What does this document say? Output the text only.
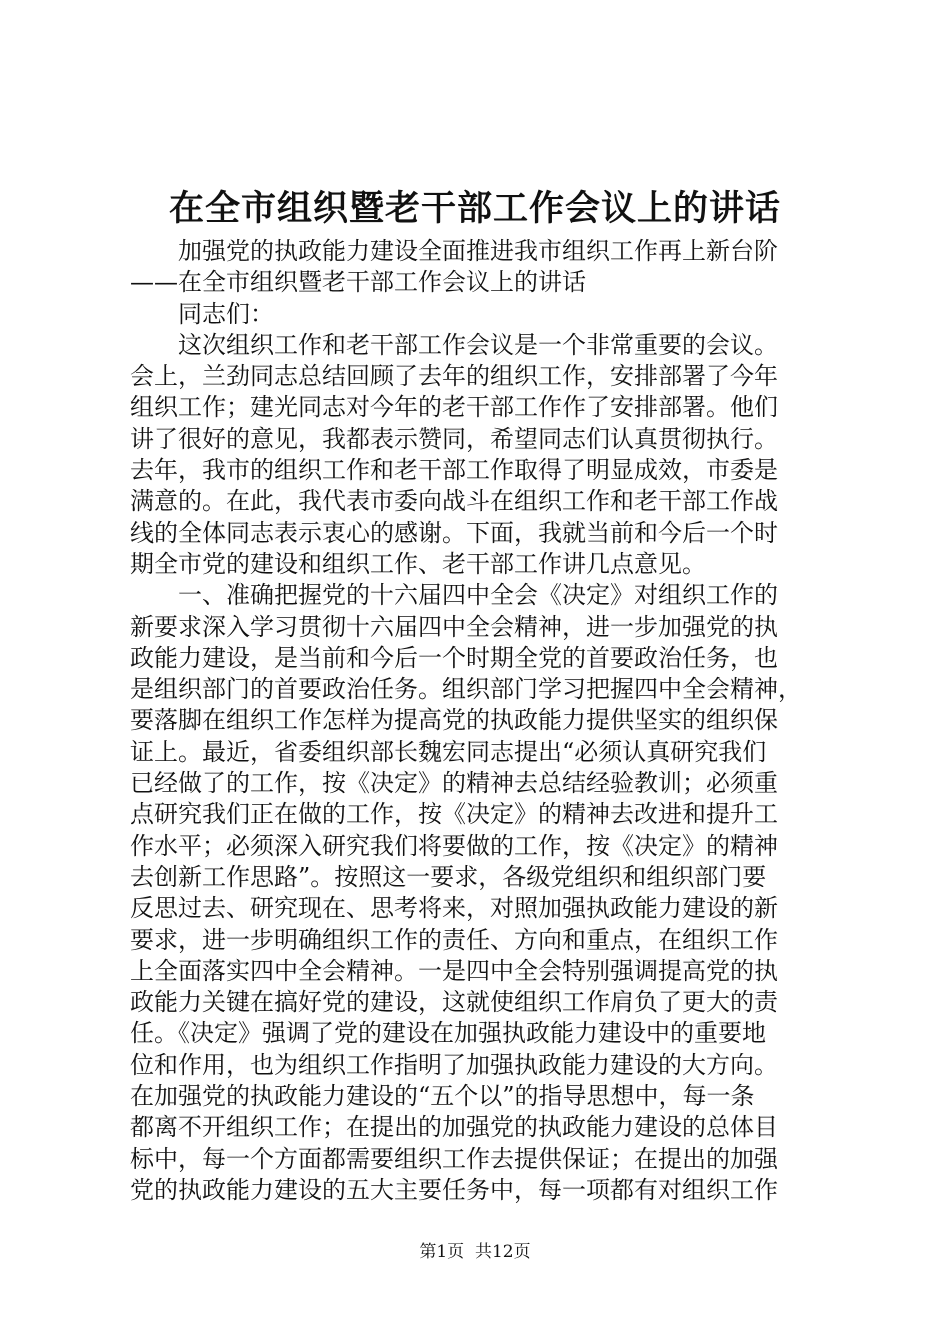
在全市组织暨老干部工作会议上的讲话
　　加强党的执政能力建设全面推进我市组织工作再上新台阶
——在全市组织暨老干部工作会议上的讲话
　　同志们：
　　这次组织工作和老干部工作会议是一个非常重要的会议。
会上，兰劲同志总结回顾了去年的组织工作，安排部署了今年
组织工作；建光同志对今年的老干部工作作了安排部署。他们
讲了很好的意见，我都表示赞同，希望同志们认真贯彻执行。
去年，我市的组织工作和老干部工作取得了明显成效，市委是
满意的。在此，我代表市委向战斗在组织工作和老干部工作战
线的全体同志表示衷心的感谢。下面，我就当前和今后一个时
期全市党的建设和组织工作、老干部工作讲几点意见。
　　一、准确把握党的十六届四中全会《决定》对组织工作的
新要求深入学习贯彻十六届四中全会精神，进一步加强党的执
政能力建设，是当前和今后一个时期全党的首要政治任务，也
是组织部门的首要政治任务。组织部门学习把握四中全会精神，
要落脚在组织工作怎样为提高党的执政能力提供坚实的组织保
证上。最近，省委组织部长魏宏同志提出“必须认真研究我们
已经做了的工作，按《决定》的精神去总结经验教训；必须重
点研究我们正在做的工作，按《决定》的精神去改进和提升工
作水平；必须深入研究我们将要做的工作，按《决定》的精神
去创新工作思路”。按照这一要求，各级党组织和组织部门要
反思过去、研究现在、思考将来，对照加强执政能力建设的新
要求，进一步明确组织工作的责任、方向和重点，在组织工作
上全面落实四中全会精神。一是四中全会特别强调提高党的执
政能力关键在搞好党的建设，这就使组织工作肩负了更大的责
任。《决定》强调了党的建设在加强执政能力建设中的重要地
位和作用，也为组织工作指明了加强执政能力建设的大方向。
在加强党的执政能力建设的“五个以”的指导思想中，每一条
都离不开组织工作；在提出的加强党的执政能力建设的总体目
标中，每一个方面都需要组织工作去提供保证；在提出的加强
党的执政能力建设的五大主要任务中，每一项都有对组织工作
第1页  共12页
